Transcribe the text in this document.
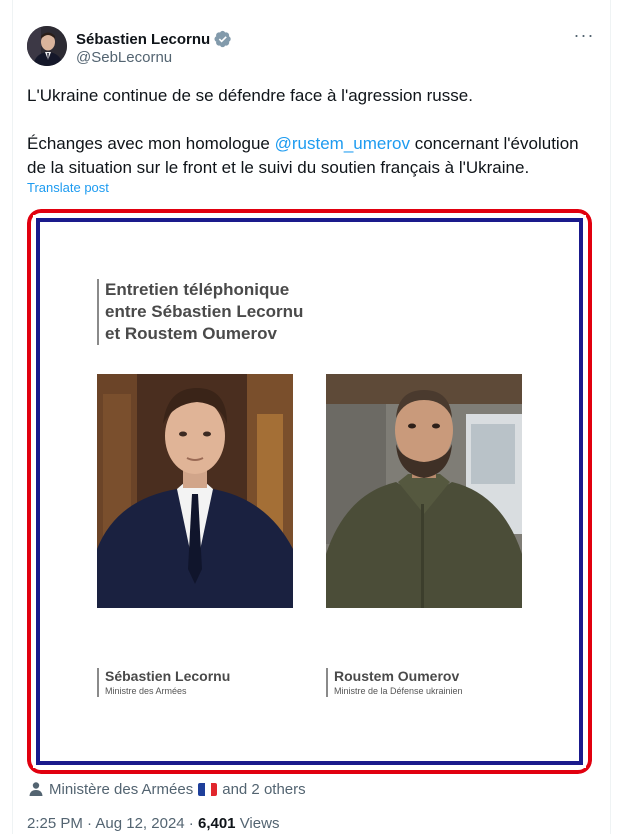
Sébastien Lecornu
@SebLecornu
···

L'Ukraine continue de se défendre face à l'agression russe.

Échanges avec mon homologue @rustem_umerov concernant l'évolution de la situation sur le front et le suivi du soutien français à l'Ukraine.

Translate post
Entretien téléphonique
entre Sébastien Lecornu
et Roustem Oumerov
Sébastien Lecornu
Ministre des Armées
Roustem Oumerov
Ministre de la Défense ukrainien
Ministère des Armées and 2 others
2:25 PM · Aug 12, 2024 · 6,401 Views
